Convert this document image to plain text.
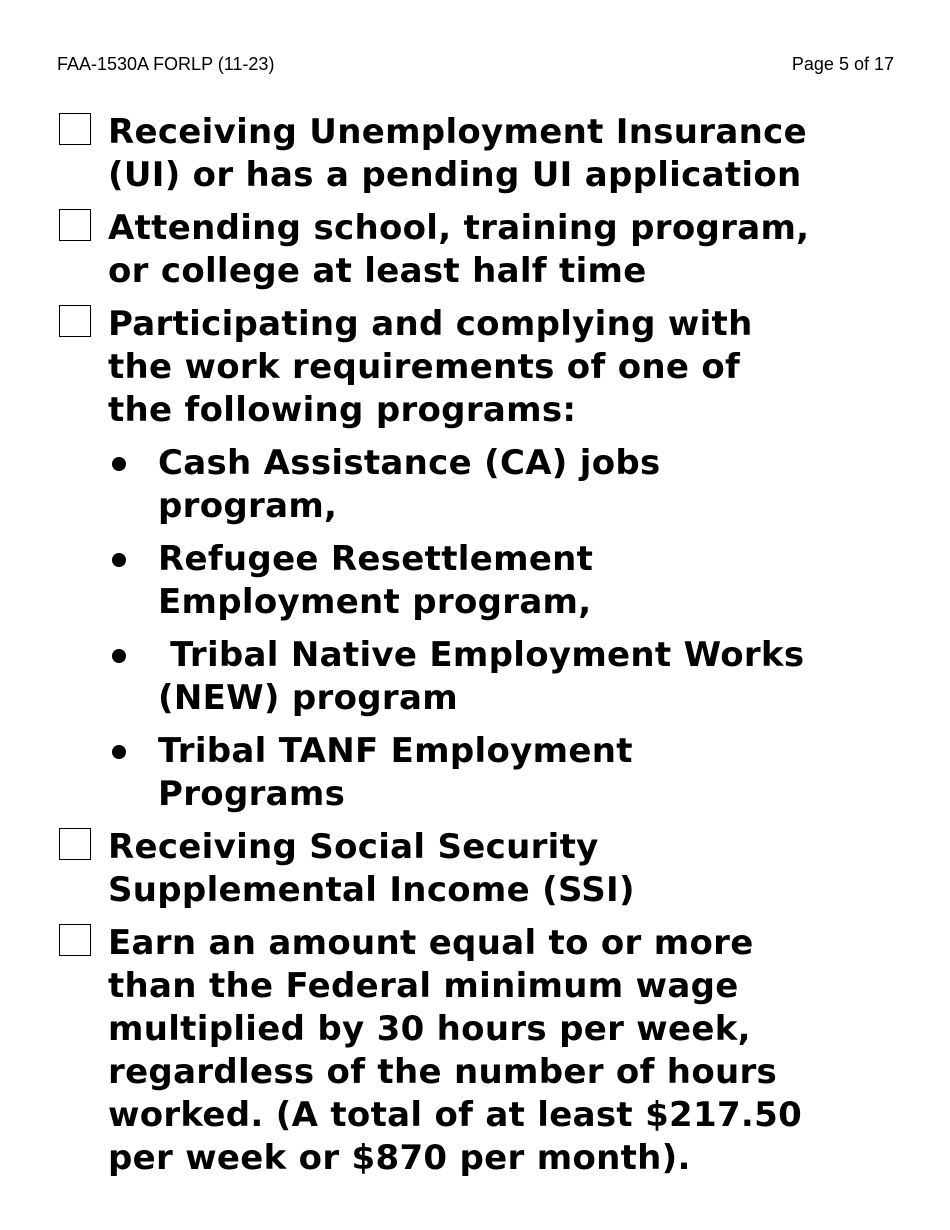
FAA-1530A FORLP (11-23)	Page 5 of 17
Receiving Unemployment Insurance
(UI) or has a pending UI application
Attending school, training program,
or college at least half time
Participating and complying with
the work requirements of one of
the following programs:
Cash Assistance (CA) jobs
program,
Refugee Resettlement
Employment program,
Tribal Native Employment Works
(NEW) program
Tribal TANF Employment
Programs
Receiving Social Security
Supplemental Income (SSI)
Earn an amount equal to or more
than the Federal minimum wage
multiplied by 30 hours per week,
regardless of the number of hours
worked. (A total of at least $217.50
per week or $870 per month).
